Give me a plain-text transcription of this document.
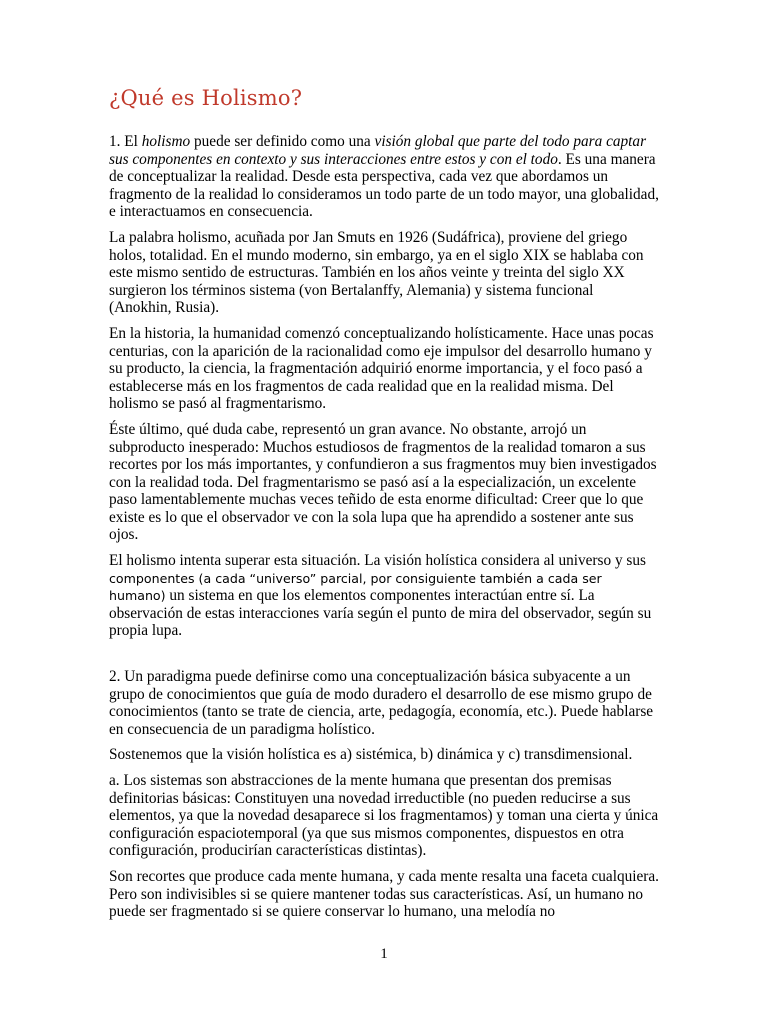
¿Qué es Holismo?

1. El holismo puede ser definido como una visión global que parte del todo para captar sus componentes en contexto y sus interacciones entre estos y con el todo. Es una manera de conceptualizar la realidad. Desde esta perspectiva, cada vez que abordamos un fragmento de la realidad lo consideramos un todo parte de un todo mayor, una globalidad, e interactuamos en consecuencia.

La palabra holismo, acuñada por Jan Smuts en 1926 (Sudáfrica), proviene del griego holos, totalidad. En el mundo moderno, sin embargo, ya en el siglo XIX se hablaba con este mismo sentido de estructuras. También en los años veinte y treinta del siglo XX surgieron los términos sistema (von Bertalanffy, Alemania) y sistema funcional (Anokhin, Rusia).

En la historia, la humanidad comenzó conceptualizando holísticamente. Hace unas pocas centurias, con la aparición de la racionalidad como eje impulsor del desarrollo humano y su producto, la ciencia, la fragmentación adquirió enorme importancia, y el foco pasó a establecerse más en los fragmentos de cada realidad que en la realidad misma. Del holismo se pasó al fragmentarismo.

Éste último, qué duda cabe, representó un gran avance. No obstante, arrojó un subproducto inesperado: Muchos estudiosos de fragmentos de la realidad tomaron a sus recortes por los más importantes, y confundieron a sus fragmentos muy bien investigados con la realidad toda. Del fragmentarismo se pasó así a la especialización, un excelente paso lamentablemente muchas veces teñido de esta enorme dificultad: Creer que lo que existe es lo que el observador ve con la sola lupa que ha aprendido a sostener ante sus ojos.

El holismo intenta superar esta situación. La visión holística considera al universo y sus componentes (a cada “universo” parcial, por consiguiente también a cada ser humano) un sistema en que los elementos componentes interactúan entre sí. La observación de estas interacciones varía según el punto de mira del observador, según su propia lupa.

2. Un paradigma puede definirse como una conceptualización básica subyacente a un grupo de conocimientos que guía de modo duradero el desarrollo de ese mismo grupo de conocimientos (tanto se trate de ciencia, arte, pedagogía, economía, etc.). Puede hablarse en consecuencia de un paradigma holístico.

Sostenemos que la visión holística es a) sistémica, b) dinámica y c) transdimensional.

a. Los sistemas son abstracciones de la mente humana que presentan dos premisas definitorias básicas: Constituyen una novedad irreductible (no pueden reducirse a sus elementos, ya que la novedad desaparece si los fragmentamos) y toman una cierta y única configuración espaciotemporal (ya que sus mismos componentes, dispuestos en otra configuración, producirían características distintas).

Son recortes que produce cada mente humana, y cada mente resalta una faceta cualquiera. Pero son indivisibles si se quiere mantener todas sus características. Así, un humano no puede ser fragmentado si se quiere conservar lo humano, una melodía no

1
